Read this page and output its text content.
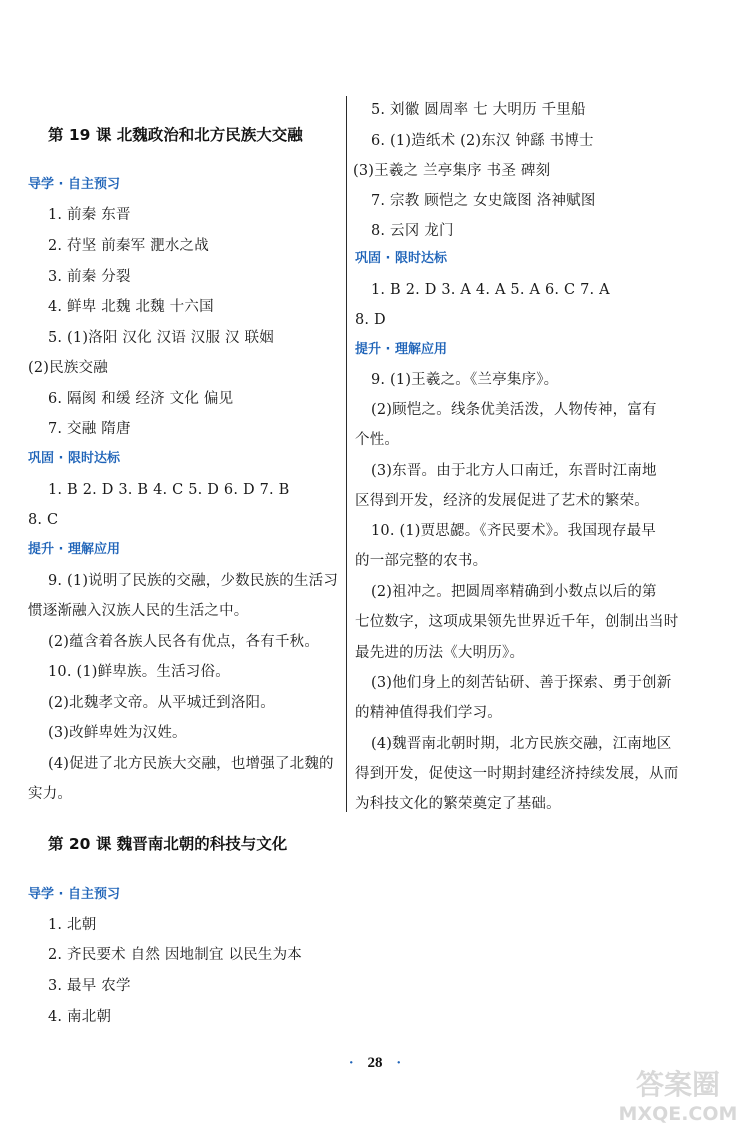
第 19 课 北魏政治和北方民族大交融
导学 · 自主预习
1. 前秦 东晋
2. 苻坚 前秦军 淝水之战
3. 前秦 分裂
4. 鲜卑 北魏 北魏 十六国
5. (1)洛阳 汉化 汉语 汉服 汉 联姻
(2)民族交融
6. 隔阂 和缓 经济 文化 偏见
7. 交融 隋唐
巩固 · 限时达标
1. B 2. D 3. B 4. C 5. D 6. D 7. B
8. C
提升 · 理解应用
9. (1)说明了民族的交融，少数民族的生活习
惯逐渐融入汉族人民的生活之中。
(2)蕴含着各族人民各有优点，各有千秋。
10. (1)鲜卑族。生活习俗。
(2)北魏孝文帝。从平城迁到洛阳。
(3)改鲜卑姓为汉姓。
(4)促进了北方民族大交融，也增强了北魏的
实力。
第 20 课 魏晋南北朝的科技与文化
导学 · 自主预习
1. 北朝
2. 齐民要术 自然 因地制宜 以民生为本
3. 最早 农学
4. 南北朝
5. 刘徽 圆周率 七 大明历 千里船
6. (1)造纸术 (2)东汉 钟繇 书博士
(3)王羲之 兰亭集序 书圣 碑刻
7. 宗教 顾恺之 女史箴图 洛神赋图
8. 云冈 龙门
巩固 · 限时达标
1. B 2. D 3. A 4. A 5. A 6. C 7. A
8. D
提升 · 理解应用
9. (1)王羲之。《兰亭集序》。
(2)顾恺之。线条优美活泼，人物传神，富有
个性。
(3)东晋。由于北方人口南迁，东晋时江南地
区得到开发，经济的发展促进了艺术的繁荣。
10. (1)贾思勰。《齐民要术》。我国现存最早
的一部完整的农书。
(2)祖冲之。把圆周率精确到小数点以后的第
七位数字，这项成果领先世界近千年，创制出当时
最先进的历法《大明历》。
(3)他们身上的刻苦钻研、善于探索、勇于创新
的精神值得我们学习。
(4)魏晋南北朝时期，北方民族交融，江南地区
得到开发，促使这一时期封建经济持续发展，从而
为科技文化的繁荣奠定了基础。
· 28 ·
答案圈
MXQE.COM
